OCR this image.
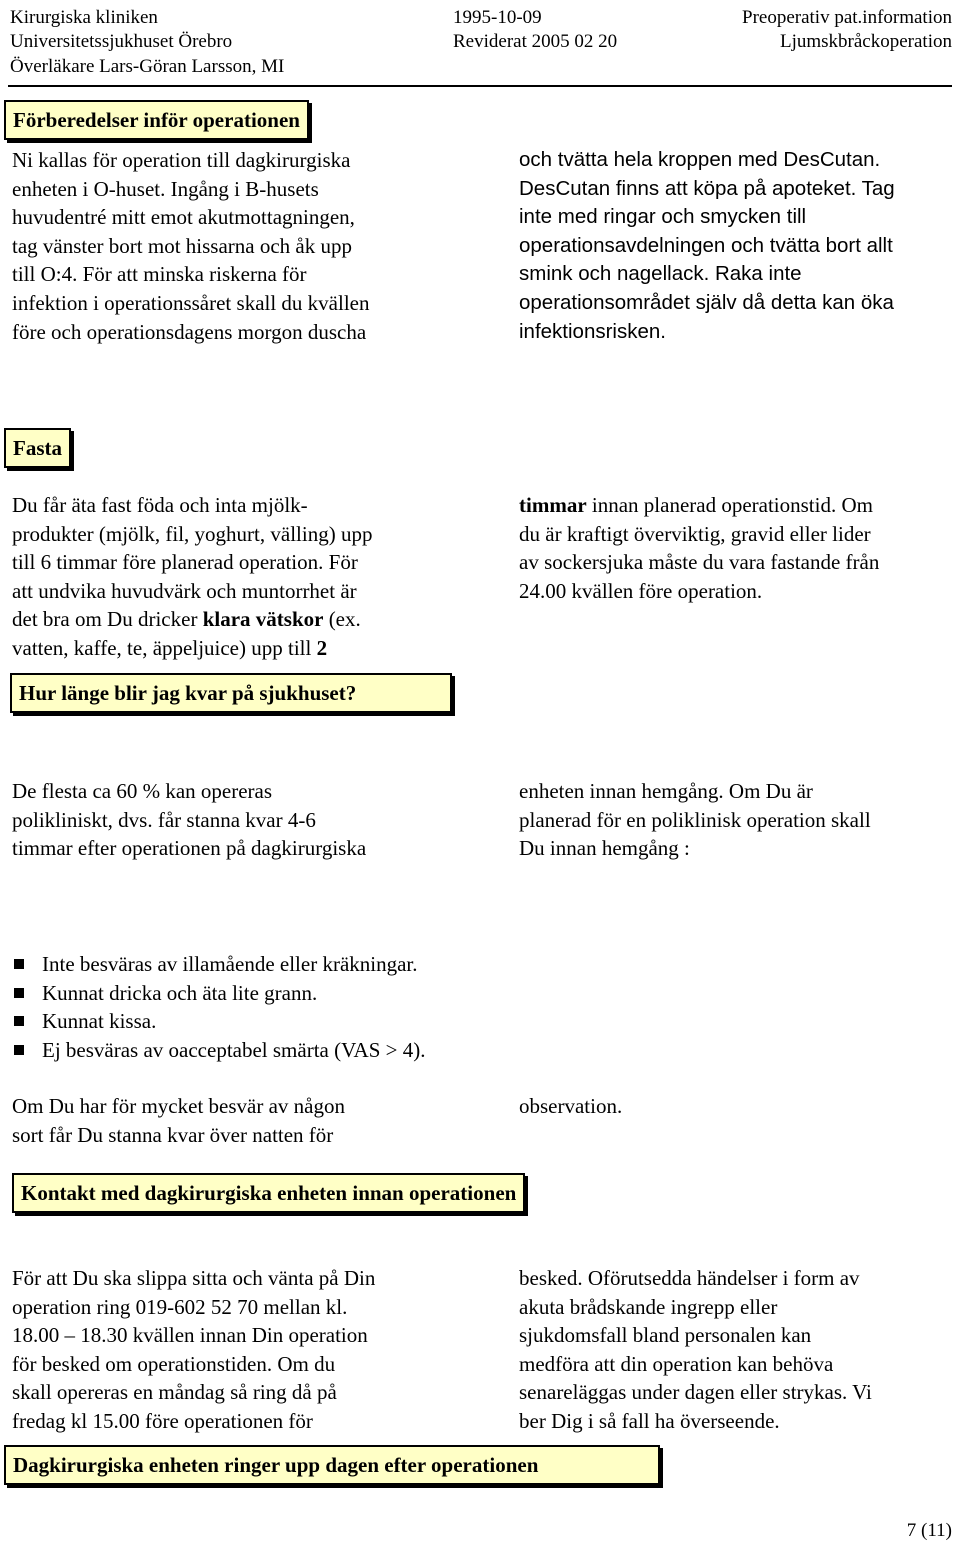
Kirurgiska kliniken	1995-10-09	Preoperativ pat.information
Universitetssjukhuset Örebro	Reviderat 2005 02 20	Ljumskbråckoperation
Överläkare Lars-Göran Larsson, MI
Förberedelser inför operationen
Ni kallas för operation till dagkirurgiska
enheten i O-huset. Ingång i B-husets
huvudentré mitt emot akutmottagningen,
tag vänster bort mot hissarna och åk upp
till O:4. För att minska riskerna för
infektion i operationssåret skall du kvällen
före och operationsdagens morgon duscha
och tvätta hela kroppen med DesCutan.
DesCutan finns att köpa på apoteket. Tag
inte med ringar och smycken till
operationsavdelningen och tvätta bort allt
smink och nagellack. Raka inte
operationsområdet själv då detta kan öka
infektionsrisken.
Fasta
Du får äta fast föda och inta mjölk-
produkter (mjölk, fil, yoghurt, välling) upp
till 6 timmar före planerad operation. För
att undvika huvudvärk och muntorrhet är
det bra om Du dricker klara vätskor (ex.
vatten, kaffe, te, äppeljuice) upp till 2
timmar innan planerad operationstid. Om
du är kraftigt överviktig, gravid eller lider
av sockersjuka måste du vara fastande från
24.00 kvällen före operation.
Hur länge blir jag kvar på sjukhuset?
De flesta ca 60 % kan opereras
polikliniskt, dvs. får stanna kvar 4-6
timmar efter operationen på dagkirurgiska
enheten innan hemgång. Om Du är
planerad för en poliklinisk operation skall
Du innan hemgång :
Inte besväras av illamående eller kräkningar.
Kunnat dricka och äta lite grann.
Kunnat kissa.
Ej besväras av oacceptabel smärta (VAS > 4).
Om Du har för mycket besvär av någon
sort får Du stanna kvar över natten för
observation.
Kontakt med dagkirurgiska enheten innan operationen
För att Du ska slippa sitta och vänta på Din
operation ring 019-602 52 70 mellan kl.
18.00 – 18.30 kvällen innan Din operation
för besked om operationstiden. Om du
skall opereras en måndag så ring då på
fredag kl 15.00 före operationen för
besked. Oförutsedda händelser i form av
akuta brådskande ingrepp eller
sjukdomsfall bland personalen kan
medföra att din operation kan behöva
senareläggas under dagen eller strykas. Vi
ber Dig i så fall ha överseende.
Dagkirurgiska enheten ringer upp dagen efter operationen
7 (11)
